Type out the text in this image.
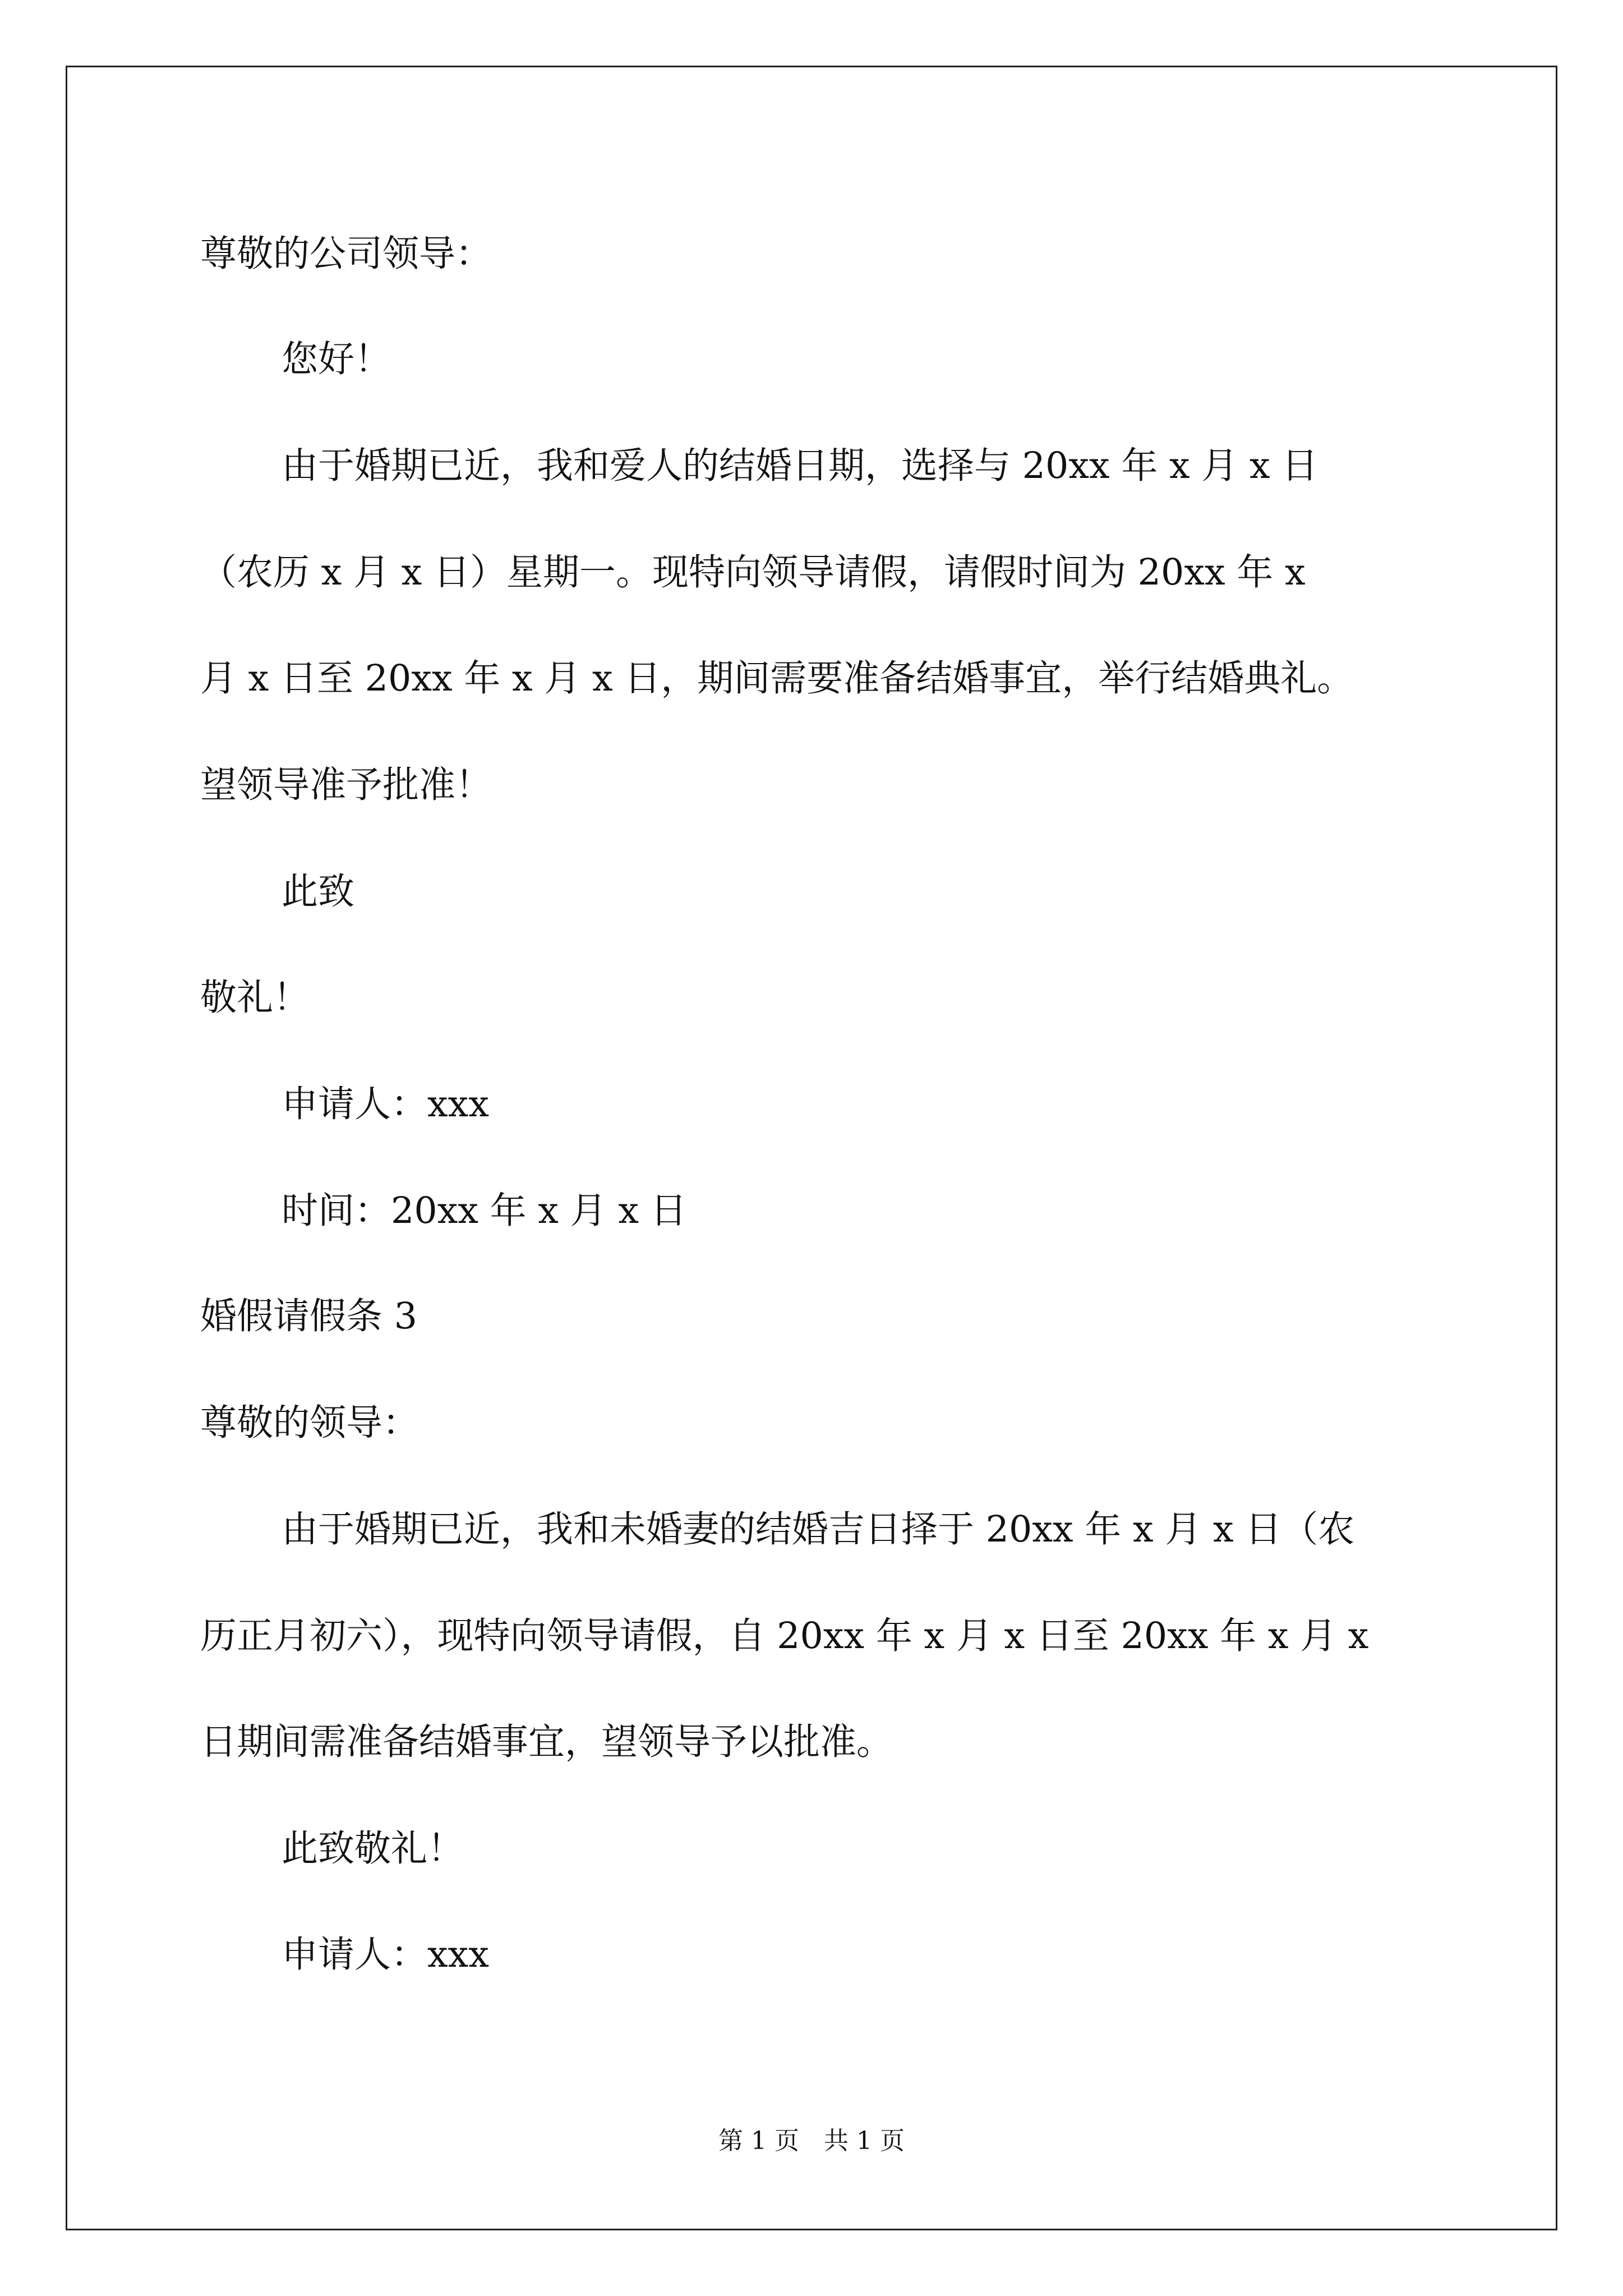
尊敬的公司领导：
您好！
由于婚期已近，我和爱人的结婚日期，选择与 20xx 年 x 月 x 日
（农历 x 月 x 日）星期一。现特向领导请假，请假时间为 20xx 年 x
月 x 日至 20xx 年 x 月 x 日，期间需要准备结婚事宜，举行结婚典礼。
望领导准予批准！
此致
敬礼！
申请人：xxx
时间：20xx 年 x 月 x 日
婚假请假条 3
尊敬的领导：
由于婚期已近，我和未婚妻的结婚吉日择于 20xx 年 x 月 x 日（农
历正月初六），现特向领导请假，自 20xx 年 x 月 x 日至 20xx 年 x 月 x
日期间需准备结婚事宜，望领导予以批准。
此致敬礼！
申请人：xxx
第 1 页　共 1 页
